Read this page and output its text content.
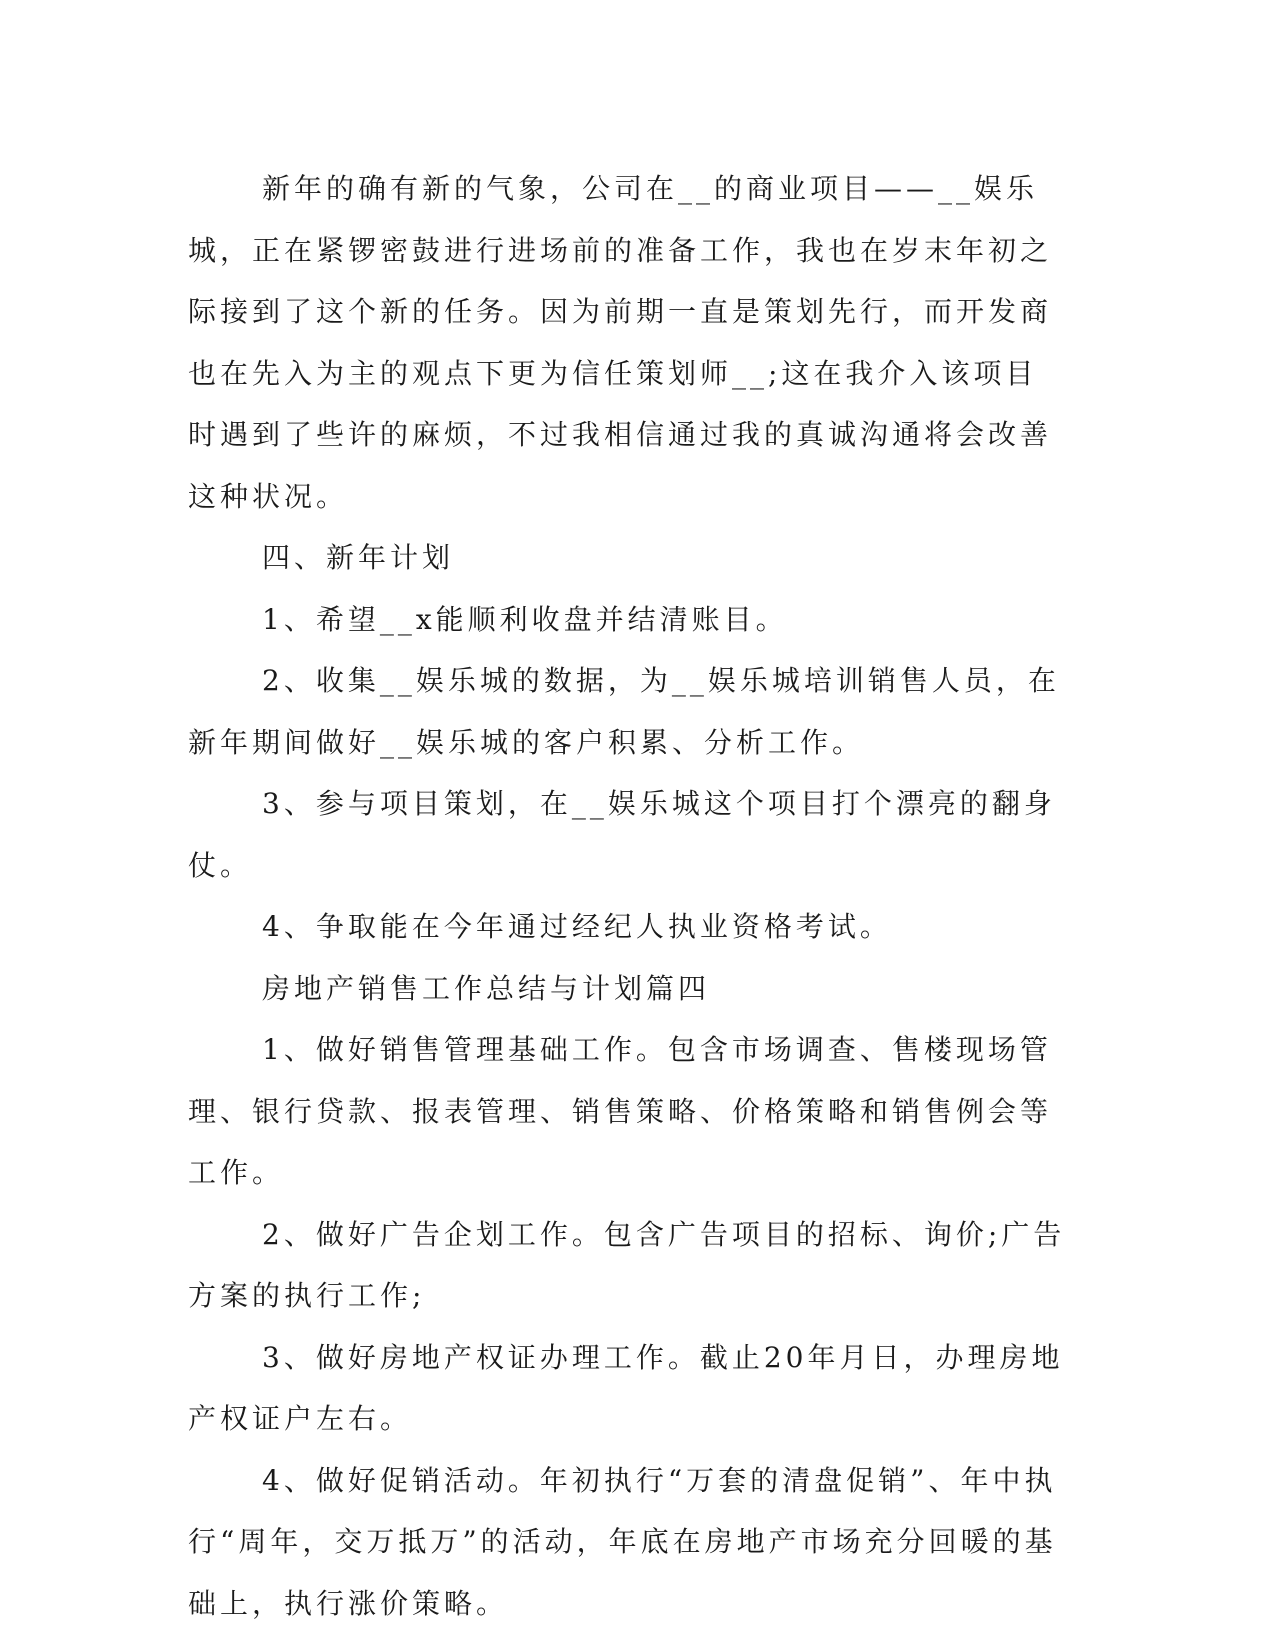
新年的确有新的气象，公司在__的商业项目——__娱乐城，正在紧锣密鼓进行进场前的准备工作，我也在岁末年初之际接到了这个新的任务。因为前期一直是策划先行，而开发商也在先入为主的观点下更为信任策划师__;这在我介入该项目时遇到了些许的麻烦，不过我相信通过我的真诚沟通将会改善这种状况。

四、新年计划

1、希望__x能顺利收盘并结清账目。

2、收集__娱乐城的数据，为__娱乐城培训销售人员，在新年期间做好__娱乐城的客户积累、分析工作。

3、参与项目策划，在__娱乐城这个项目打个漂亮的翻身仗。

4、争取能在今年通过经纪人执业资格考试。

房地产销售工作总结与计划篇四

1、做好销售管理基础工作。包含市场调查、售楼现场管理、银行贷款、报表管理、销售策略、价格策略和销售例会等工作。

2、做好广告企划工作。包含广告项目的招标、询价;广告方案的执行工作;

3、做好房地产权证办理工作。截止20年月日，办理房地产权证户左右。

4、做好促销活动。年初执行“万套的清盘促销”、年中执行“周年，交万抵万”的活动，年底在房地产市场充分回暖的基础上，执行涨价策略。
